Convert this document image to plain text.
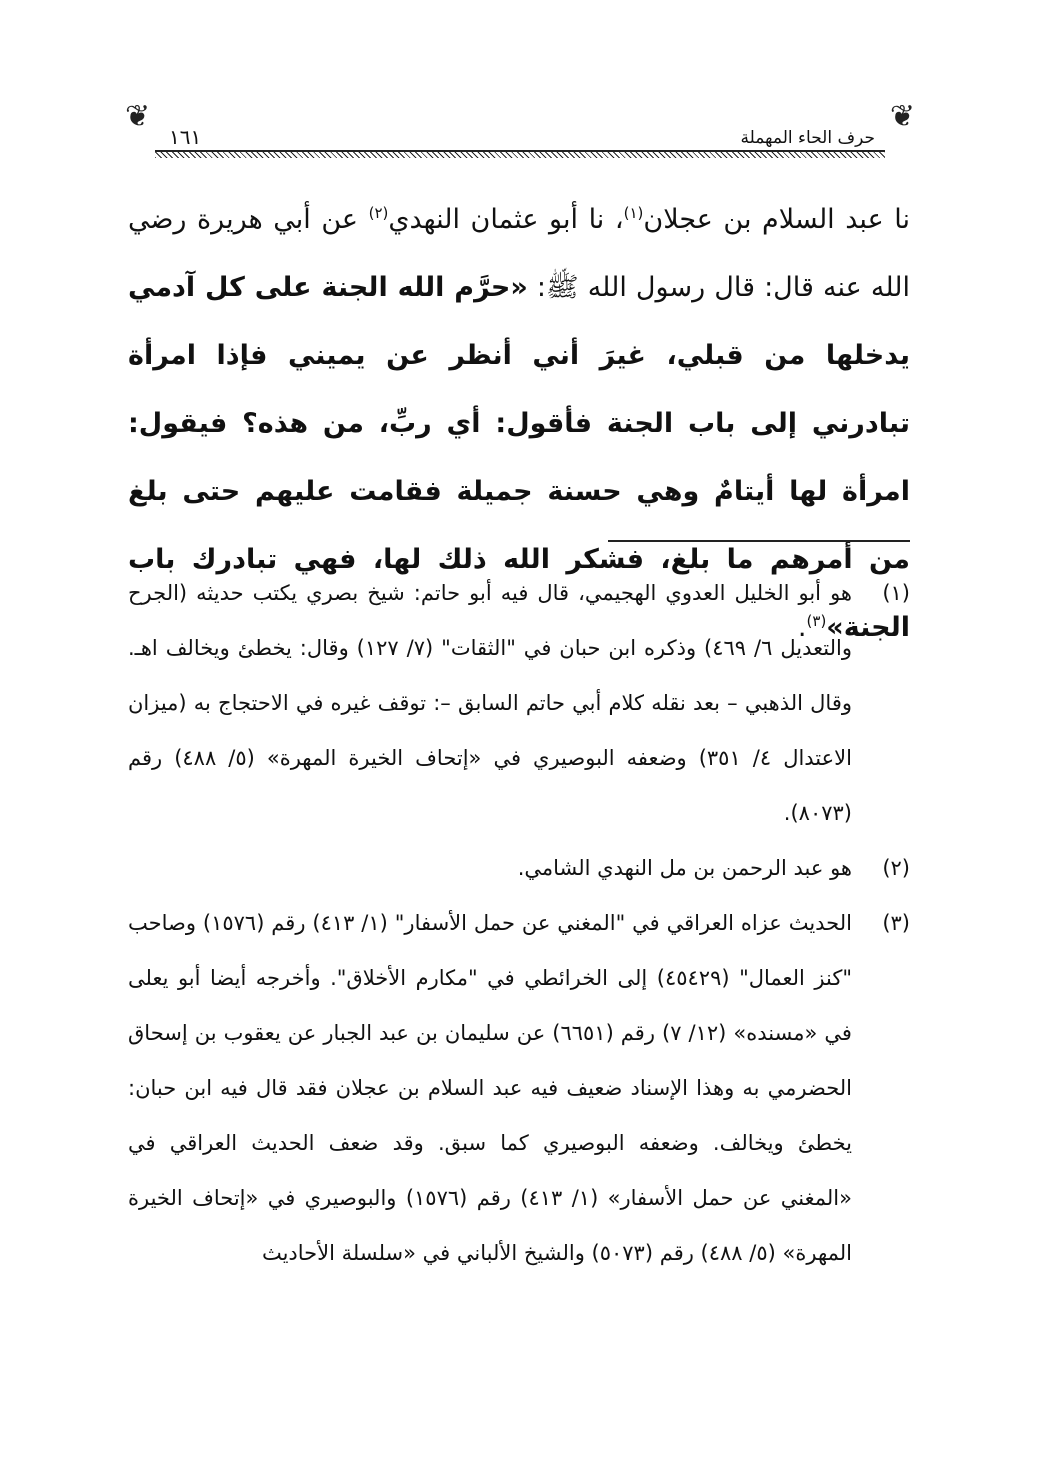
❦
❦
حرف الحاء المهملة
١٦١
نا عبد السلام بن عجلان$^{(١)}$، نا أبو عثمان النهدي$^{(٢)}$ عن أبي هريرة رضي الله عنه قال: قال رسول الله ﷺ: «حرَّم الله الجنة على كل آدمي يدخلها من قبلي، غيرَ أني أنظر عن يميني فإذا امرأة تبادرني إلى باب الجنة فأقول: أي ربِّ، من هذه؟ فيقول: امرأة لها أيتامٌ وهي حسنة جميلة فقامت عليهم حتى بلغ من أمرهم ما بلغ، فشكر الله ذلك لها، فهي تبادرك باب الجنة»$^{(٣)}$.
(١)
هو أبو الخليل العدوي الهجيمي، قال فيه أبو حاتم: شيخ بصري يكتب حديثه (الجرح والتعديل ٦/ ٤٦٩) وذكره ابن حبان في "الثقات" (٧/ ١٢٧) وقال: يخطئ ويخالف اهـ. وقال الذهبي – بعد نقله كلام أبي حاتم السابق –: توقف غيره في الاحتجاج به (ميزان الاعتدال ٤/ ٣٥١) وضعفه البوصيري في «إتحاف الخيرة المهرة» (٥/ ٤٨٨) رقم (٨٠٧٣).
(٢)
هو عبد الرحمن بن مل النهدي الشامي.
(٣)
الحديث عزاه العراقي في "المغني عن حمل الأسفار" (١/ ٤١٣) رقم (١٥٧٦) وصاحب "كنز العمال" (٤٥٤٢٩) إلى الخرائطي في "مكارم الأخلاق". وأخرجه أيضا أبو يعلى في «مسنده» (١٢/ ٧) رقم (٦٦٥١) عن سليمان بن عبد الجبار عن يعقوب بن إسحاق الحضرمي به وهذا الإسناد ضعيف فيه عبد السلام بن عجلان فقد قال فيه ابن حبان: يخطئ ويخالف. وضعفه البوصيري كما سبق. وقد ضعف الحديث العراقي في «المغني عن حمل الأسفار» (١/ ٤١٣) رقم (١٥٧٦) والبوصيري في «إتحاف الخيرة المهرة» (٥/ ٤٨٨) رقم (٥٠٧٣) والشيخ الألباني في «سلسلة الأحاديث
